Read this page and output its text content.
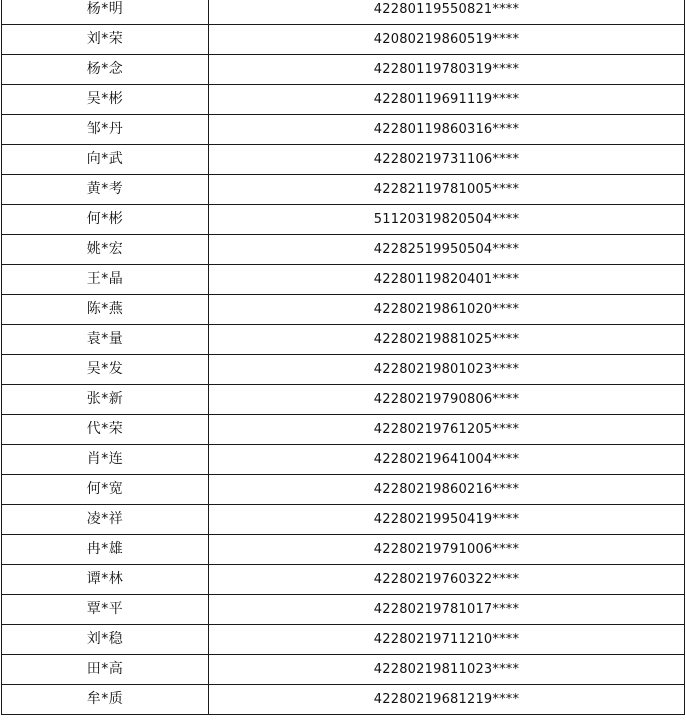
杨*明	42280119550821****
刘*荣	42080219860519****
杨*念	42280119780319****
吴*彬	42280119691119****
邹*丹	42280119860316****
向*武	42280219731106****
黄*考	42282119781005****
何*彬	51120319820504****
姚*宏	42282519950504****
王*晶	42280119820401****
陈*燕	42280219861020****
袁*量	42280219881025****
吴*发	42280219801023****
张*新	42280219790806****
代*荣	42280219761205****
肖*连	42280219641004****
何*宽	42280219860216****
凌*祥	42280219950419****
冉*雄	42280219791006****
谭*林	42280219760322****
覃*平	42280219781017****
刘*稳	42280219711210****
田*高	42280219811023****
牟*质	42280219681219****
